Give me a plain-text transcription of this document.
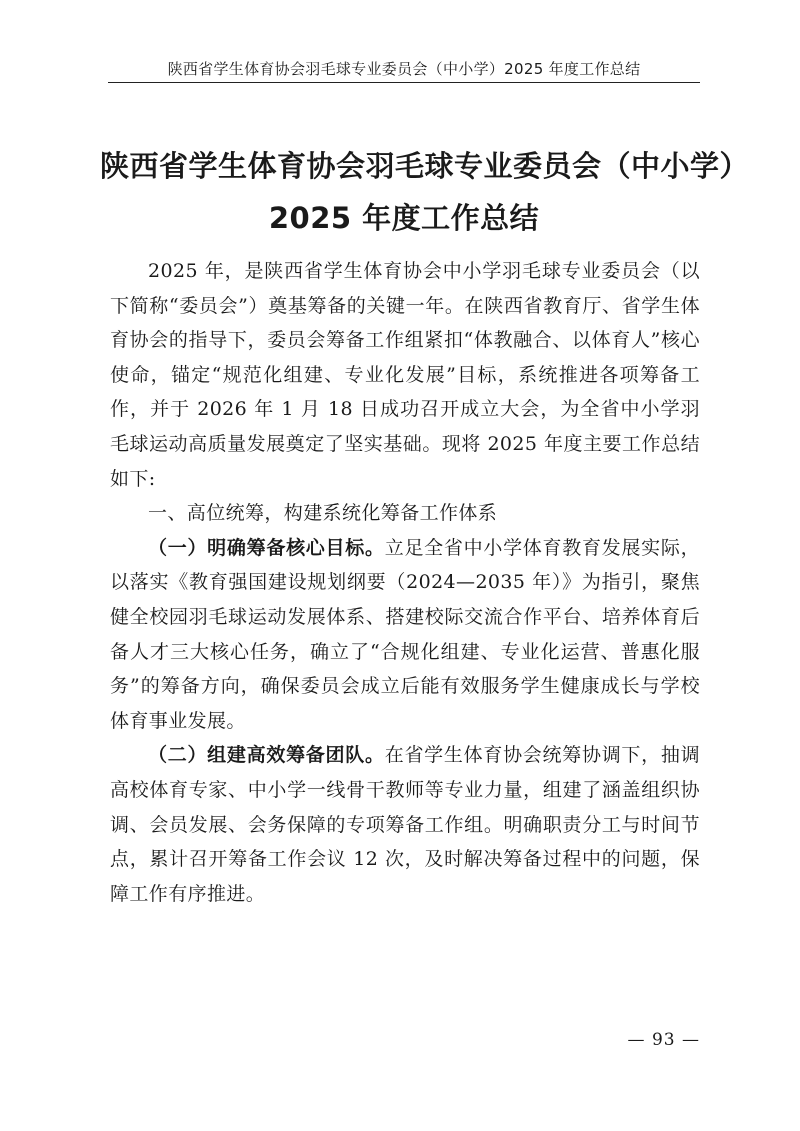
陕西省学生体育协会羽毛球专业委员会（中小学）2025 年度工作总结
陕西省学生体育协会羽毛球专业委员会（中小学）
2025 年度工作总结

2025 年，是陕西省学生体育协会中小学羽毛球专业委员会（以下简称“委员会”）奠基筹备的关键一年。在陕西省教育厅、省学生体育协会的指导下，委员会筹备工作组紧扣“体教融合、以体育人”核心使命，锚定“规范化组建、专业化发展”目标，系统推进各项筹备工作，并于 2026 年 1 月 18 日成功召开成立大会，为全省中小学羽毛球运动高质量发展奠定了坚实基础。现将 2025 年度主要工作总结如下:

一、高位统筹，构建系统化筹备工作体系

（一）明确筹备核心目标。立足全省中小学体育教育发展实际，以落实《教育强国建设规划纲要（2024—2035 年）》为指引，聚焦健全校园羽毛球运动发展体系、搭建校际交流合作平台、培养体育后备人才三大核心任务，确立了“合规化组建、专业化运营、普惠化服务”的筹备方向，确保委员会成立后能有效服务学生健康成长与学校体育事业发展。

（二）组建高效筹备团队。在省学生体育协会统筹协调下，抽调高校体育专家、中小学一线骨干教师等专业力量，组建了涵盖组织协调、会员发展、会务保障的专项筹备工作组。明确职责分工与时间节点，累计召开筹备工作会议 12 次，及时解决筹备过程中的问题，保障工作有序推进。

— 93 —
